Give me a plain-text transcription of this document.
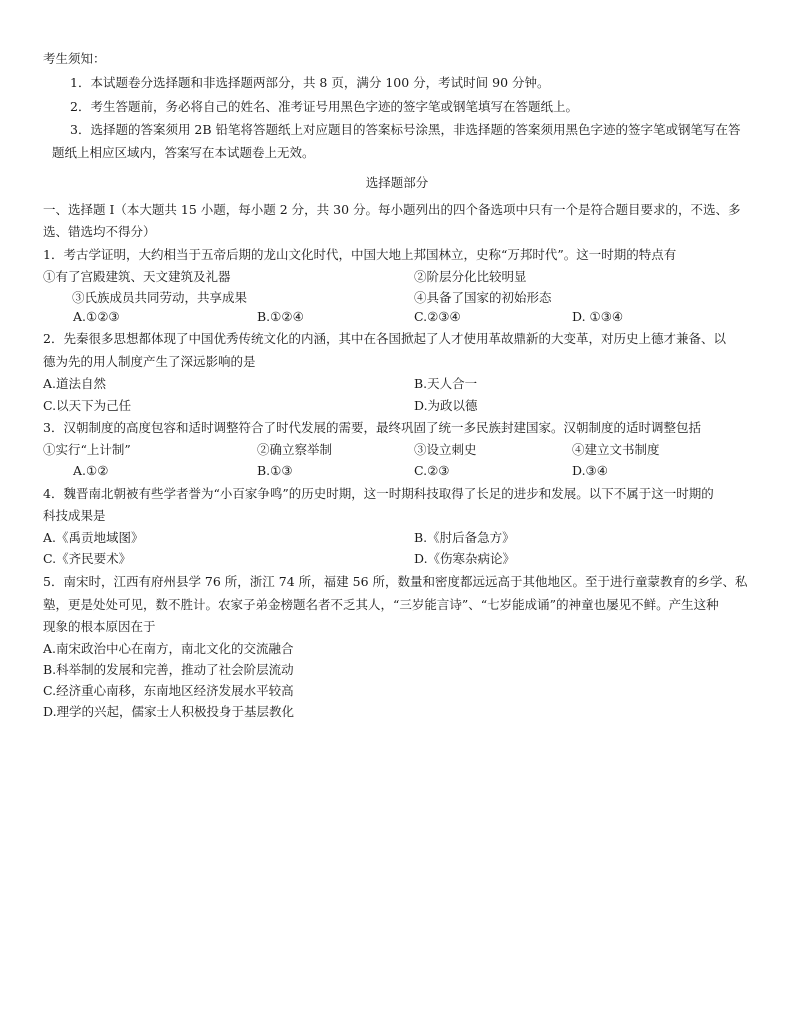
考生须知：
1．本试题卷分选择题和非选择题两部分，共 8 页，满分 100 分，考试时间 90 分钟。
2．考生答题前，务必将自己的姓名、准考证号用黑色字迹的签字笔或钢笔填写在答题纸上。
3．选择题的答案须用 2B 铅笔将答题纸上对应题目的答案标号涂黑，非选择题的答案须用黑色字迹的签字笔或钢笔写在答
题纸上相应区域内，答案写在本试题卷上无效。
选择题部分
一、选择题 I（本大题共 15 小题，每小题 2 分，共 30 分。每小题列出的四个备选项中只有一个是符合题目要求的，不选、多
选、错选均不得分）
1．考古学证明，大约相当于五帝后期的龙山文化时代，中国大地上邦国林立，史称“万邦时代”。这一时期的特点有
①有了宫殿建筑、天文建筑及礼器	②阶层分化比较明显
③氏族成员共同劳动，共享成果	④具备了国家的初始形态
A.①②③	B.①②④	C.②③④	D. ①③④
2．先秦很多思想都体现了中国优秀传统文化的内涵，其中在各国掀起了人才使用革故鼎新的大变革，对历史上德才兼备、以
德为先的用人制度产生了深远影响的是
A.道法自然	B.天人合一
C.以天下为己任	D.为政以德
3．汉朝制度的高度包容和适时调整符合了时代发展的需要，最终巩固了统一多民族封建国家。汉朝制度的适时调整包括
①实行“上计制”	②确立察举制	③设立刺史	④建立文书制度
A.①②	B.①③	C.②③	D.③④
4．魏晋南北朝被有些学者誉为“小百家争鸣”的历史时期，这一时期科技取得了长足的进步和发展。以下不属于这一时期的
科技成果是
A.《禹贡地域图》	B.《肘后备急方》
C.《齐民要术》	D.《伤寒杂病论》
5．南宋时，江西有府州县学 76 所，浙江 74 所，福建 56 所，数量和密度都远远高于其他地区。至于进行童蒙教育的乡学、私
塾，更是处处可见，数不胜计。农家子弟金榜题名者不乏其人，“三岁能言诗”、“七岁能成诵”的神童也屡见不鲜。产生这种
现象的根本原因在于
A.南宋政治中心在南方，南北文化的交流融合
B.科举制的发展和完善，推动了社会阶层流动
C.经济重心南移，东南地区经济发展水平较高
D.理学的兴起，儒家士人积极投身于基层教化
